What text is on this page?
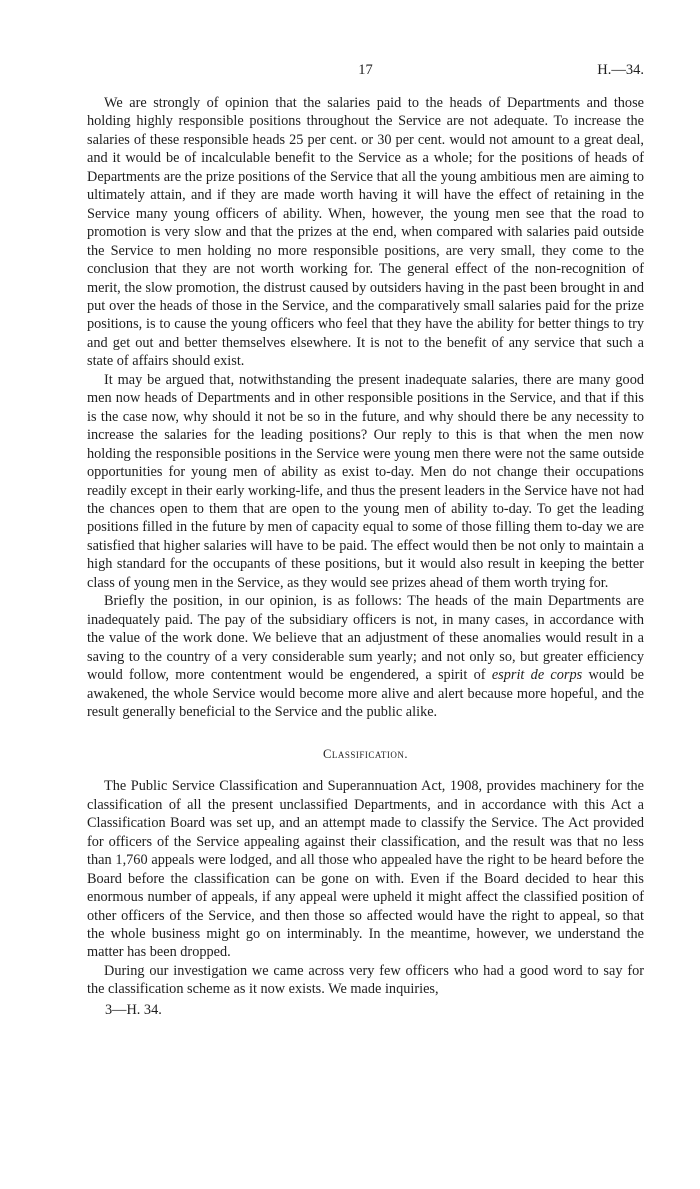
17	H.—34.

We are strongly of opinion that the salaries paid to the heads of Departments and those holding highly responsible positions throughout the Service are not adequate. To increase the salaries of these responsible heads 25 per cent. or 30 per cent. would not amount to a great deal, and it would be of incalculable benefit to the Service as a whole; for the positions of heads of Departments are the prize positions of the Service that all the young ambitious men are aiming to ultimately attain, and if they are made worth having it will have the effect of retaining in the Service many young officers of ability. When, however, the young men see that the road to promotion is very slow and that the prizes at the end, when compared with salaries paid outside the Service to men holding no more responsible positions, are very small, they come to the conclusion that they are not worth working for. The general effect of the non-recognition of merit, the slow promotion, the distrust caused by outsiders having in the past been brought in and put over the heads of those in the Service, and the comparatively small salaries paid for the prize positions, is to cause the young officers who feel that they have the ability for better things to try and get out and better themselves elsewhere. It is not to the benefit of any service that such a state of affairs should exist.

It may be argued that, notwithstanding the present inadequate salaries, there are many good men now heads of Departments and in other responsible positions in the Service, and that if this is the case now, why should it not be so in the future, and why should there be any necessity to increase the salaries for the leading positions? Our reply to this is that when the men now holding the responsible positions in the Service were young men there were not the same outside opportunities for young men of ability as exist to-day. Men do not change their occupations readily except in their early working-life, and thus the present leaders in the Service have not had the chances open to them that are open to the young men of ability to-day. To get the leading positions filled in the future by men of capacity equal to some of those filling them to-day we are satisfied that higher salaries will have to be paid. The effect would then be not only to maintain a high standard for the occupants of these positions, but it would also result in keeping the better class of young men in the Service, as they would see prizes ahead of them worth trying for.

Briefly the position, in our opinion, is as follows: The heads of the main Departments are inadequately paid. The pay of the subsidiary officers is not, in many cases, in accordance with the value of the work done. We believe that an adjustment of these anomalies would result in a saving to the country of a very considerable sum yearly; and not only so, but greater efficiency would follow, more contentment would be engendered, a spirit of esprit de corps would be awakened, the whole Service would become more alive and alert because more hopeful, and the result generally beneficial to the Service and the public alike.

Classification.

The Public Service Classification and Superannuation Act, 1908, provides machinery for the classification of all the present unclassified Departments, and in accordance with this Act a Classification Board was set up, and an attempt made to classify the Service. The Act provided for officers of the Service appealing against their classification, and the result was that no less than 1,760 appeals were lodged, and all those who appealed have the right to be heard before the Board before the classification can be gone on with. Even if the Board decided to hear this enormous number of appeals, if any appeal were upheld it might affect the classified position of other officers of the Service, and then those so affected would have the right to appeal, so that the whole business might go on interminably. In the meantime, however, we understand the matter has been dropped.

During our investigation we came across very few officers who had a good word to say for the classification scheme as it now exists. We made inquiries,

3—H. 34.
